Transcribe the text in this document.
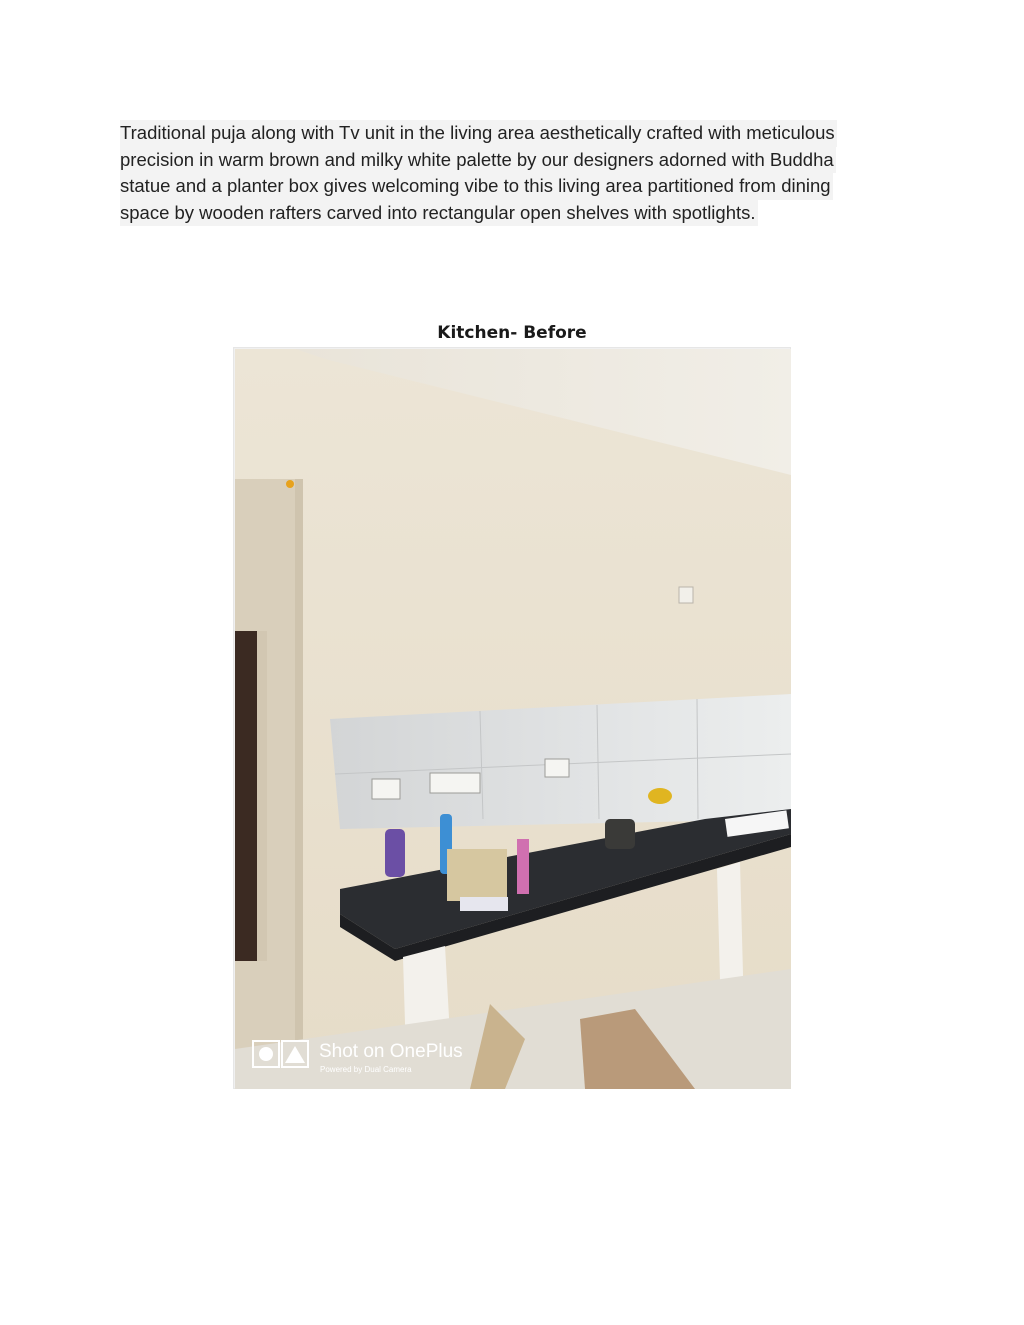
Traditional puja along with Tv unit in the living area aesthetically crafted with meticulous
precision in warm brown and milky white palette by our designers adorned with Buddha
statue and a planter box gives welcoming vibe to this living area partitioned from dining
space by wooden rafters carved into rectangular open shelves with spotlights.
Kitchen- Before
Shot on OnePlus
Powered by Dual Camera
